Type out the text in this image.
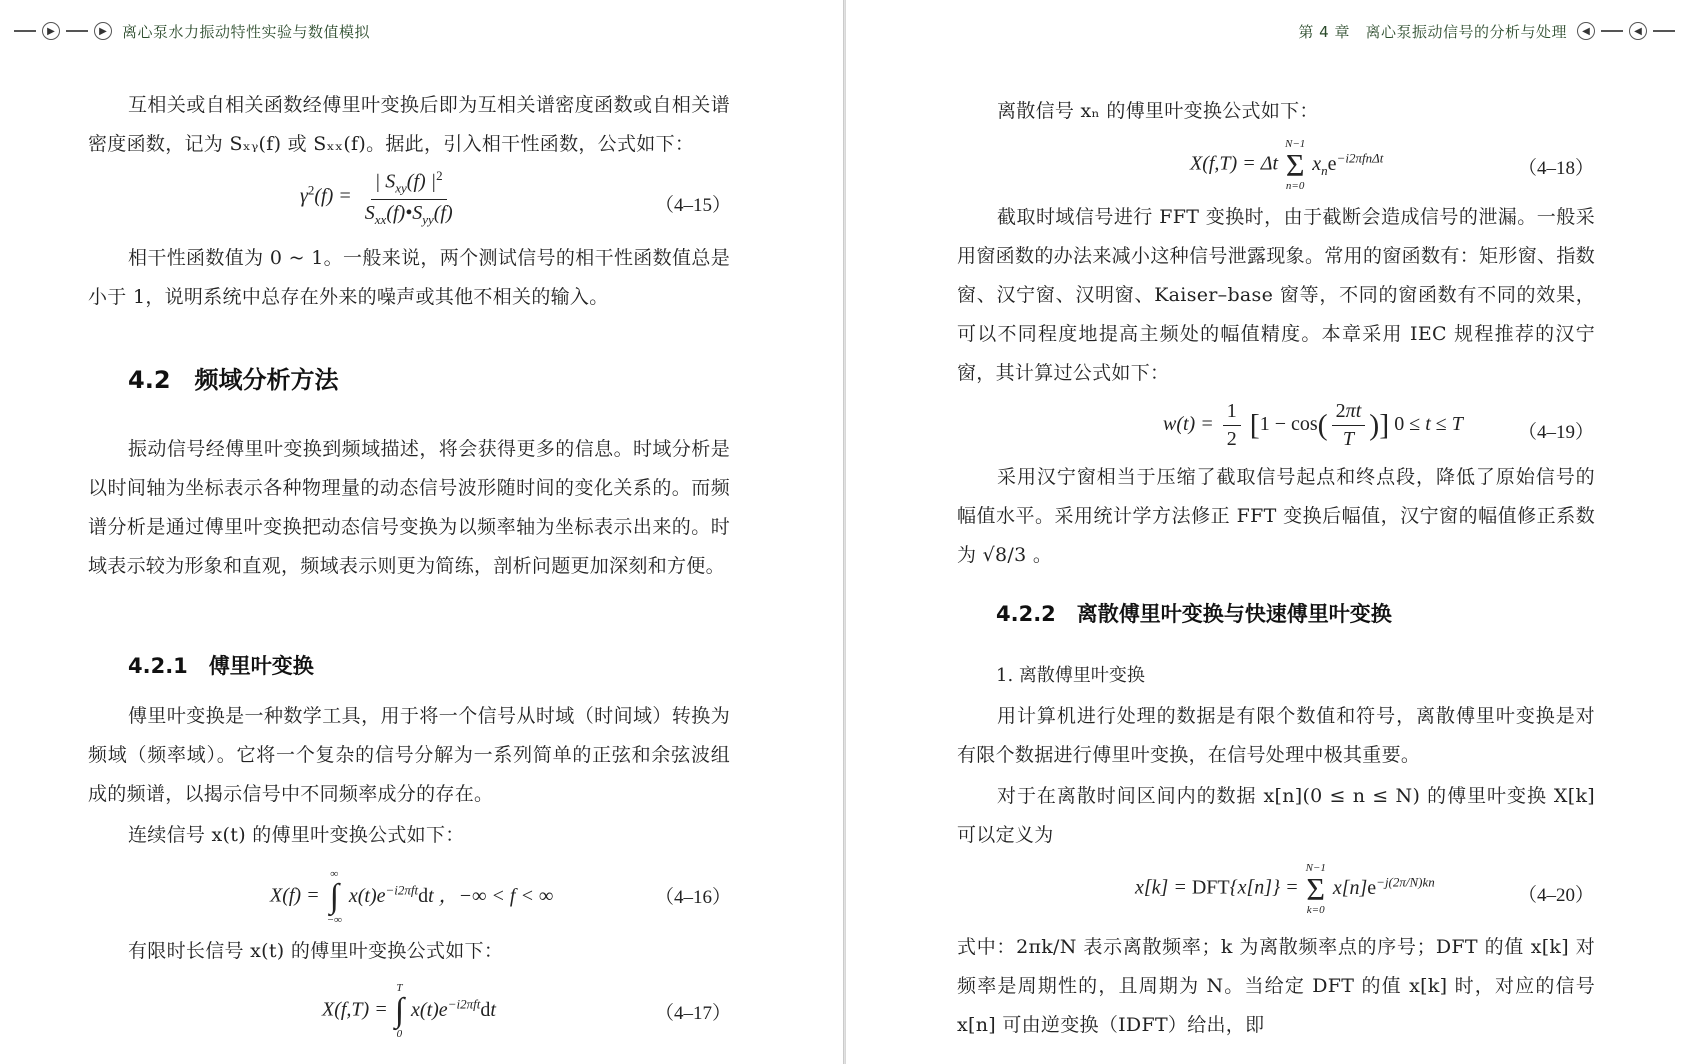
▶	▶	离心泵水力振动特性实验与数值模拟
互相关或自相关函数经傅里叶变换后即为互相关谱密度函数或自相关谱密度函数，记为 Sₓᵧ(f) 或 Sₓₓ(f)。据此，引入相干性函数，公式如下：
$\gamma^2(f) = \frac{| S_{xy}(f) |^2}{S_{xx}(f)•S_{yy}(f)}$	（4–15）
相干性函数值为 0 ~ 1。一般来说，两个测试信号的相干性函数值总是小于 1，说明系统中总存在外来的噪声或其他不相关的输入。
4.2　频域分析方法
振动信号经傅里叶变换到频域描述，将会获得更多的信息。时域分析是以时间轴为坐标表示各种物理量的动态信号波形随时间的变化关系的。而频谱分析是通过傅里叶变换把动态信号变换为以频率轴为坐标表示出来的。时域表示较为形象和直观，频域表示则更为简练，剖析问题更加深刻和方便。
4.2.1　傅里叶变换
傅里叶变换是一种数学工具，用于将一个信号从时域（时间域）转换为频域（频率域）。它将一个复杂的信号分解为一系列简单的正弦和余弦波组成的频谱，以揭示信号中不同频率成分的存在。
连续信号 x(t) 的傅里叶变换公式如下：
X(f) =
∞
∫
−∞
$x(t)e^{-i2\pi ft}dt$ ，−∞ < f < ∞	（4–16）
有限时长信号 x(t) 的傅里叶变换公式如下：
X(f,T) =
T
∫
0
$x(t)e^{-i2\pi ft}dt$	（4–17）
第 4 章　离心泵振动信号的分析与处理	◀	◀
离散信号 xₙ 的傅里叶变换公式如下：
X(f,T) = Δt
N−1
Σ
n=0
$x_ne^{-i2\pi fn\Delta t}$
（4–18）
截取时域信号进行 FFT 变换时，由于截断会造成信号的泄漏。一般采用窗函数的办法来减小这种信号泄露现象。常用的窗函数有：矩形窗、指数窗、汉宁窗、汉明窗、Kaiser–base 窗等，不同的窗函数有不同的效果，可以不同程度地提高主频处的幅值精度。本章采用 IEC 规程推荐的汉宁窗，其计算过公式如下：
$w(t) = \frac{1}{2} [1 - \cos( \frac{2\pi t}{T}$ )] 0 ≤ t ≤ T	（4–19）
采用汉宁窗相当于压缩了截取信号起点和终点段，降低了原始信号的幅值水平。采用统计学方法修正 FFT 变换后幅值，汉宁窗的幅值修正系数为 √8/3 。
4.2.2　离散傅里叶变换与快速傅里叶变换
1. 离散傅里叶变换
用计算机进行处理的数据是有限个数值和符号，离散傅里叶变换是对有限个数据进行傅里叶变换，在信号处理中极其重要。
对于在离散时间区间内的数据 x[n](0 ≤ n ≤ N) 的傅里叶变换 X[k] 可以定义为
x[k] = DFT{x[n]} =
N−1
Σ
k=0
$x[n]e^{-j(2\pi/N)kn}$
（4–20）
式中：2πk/N 表示离散频率；k 为离散频率点的序号；DFT 的值 x[k] 对频率是周期性的，且周期为 N。当给定 DFT 的值 x[k] 时，对应的信号 x[n] 可由逆变换（IDFT）给出，即
